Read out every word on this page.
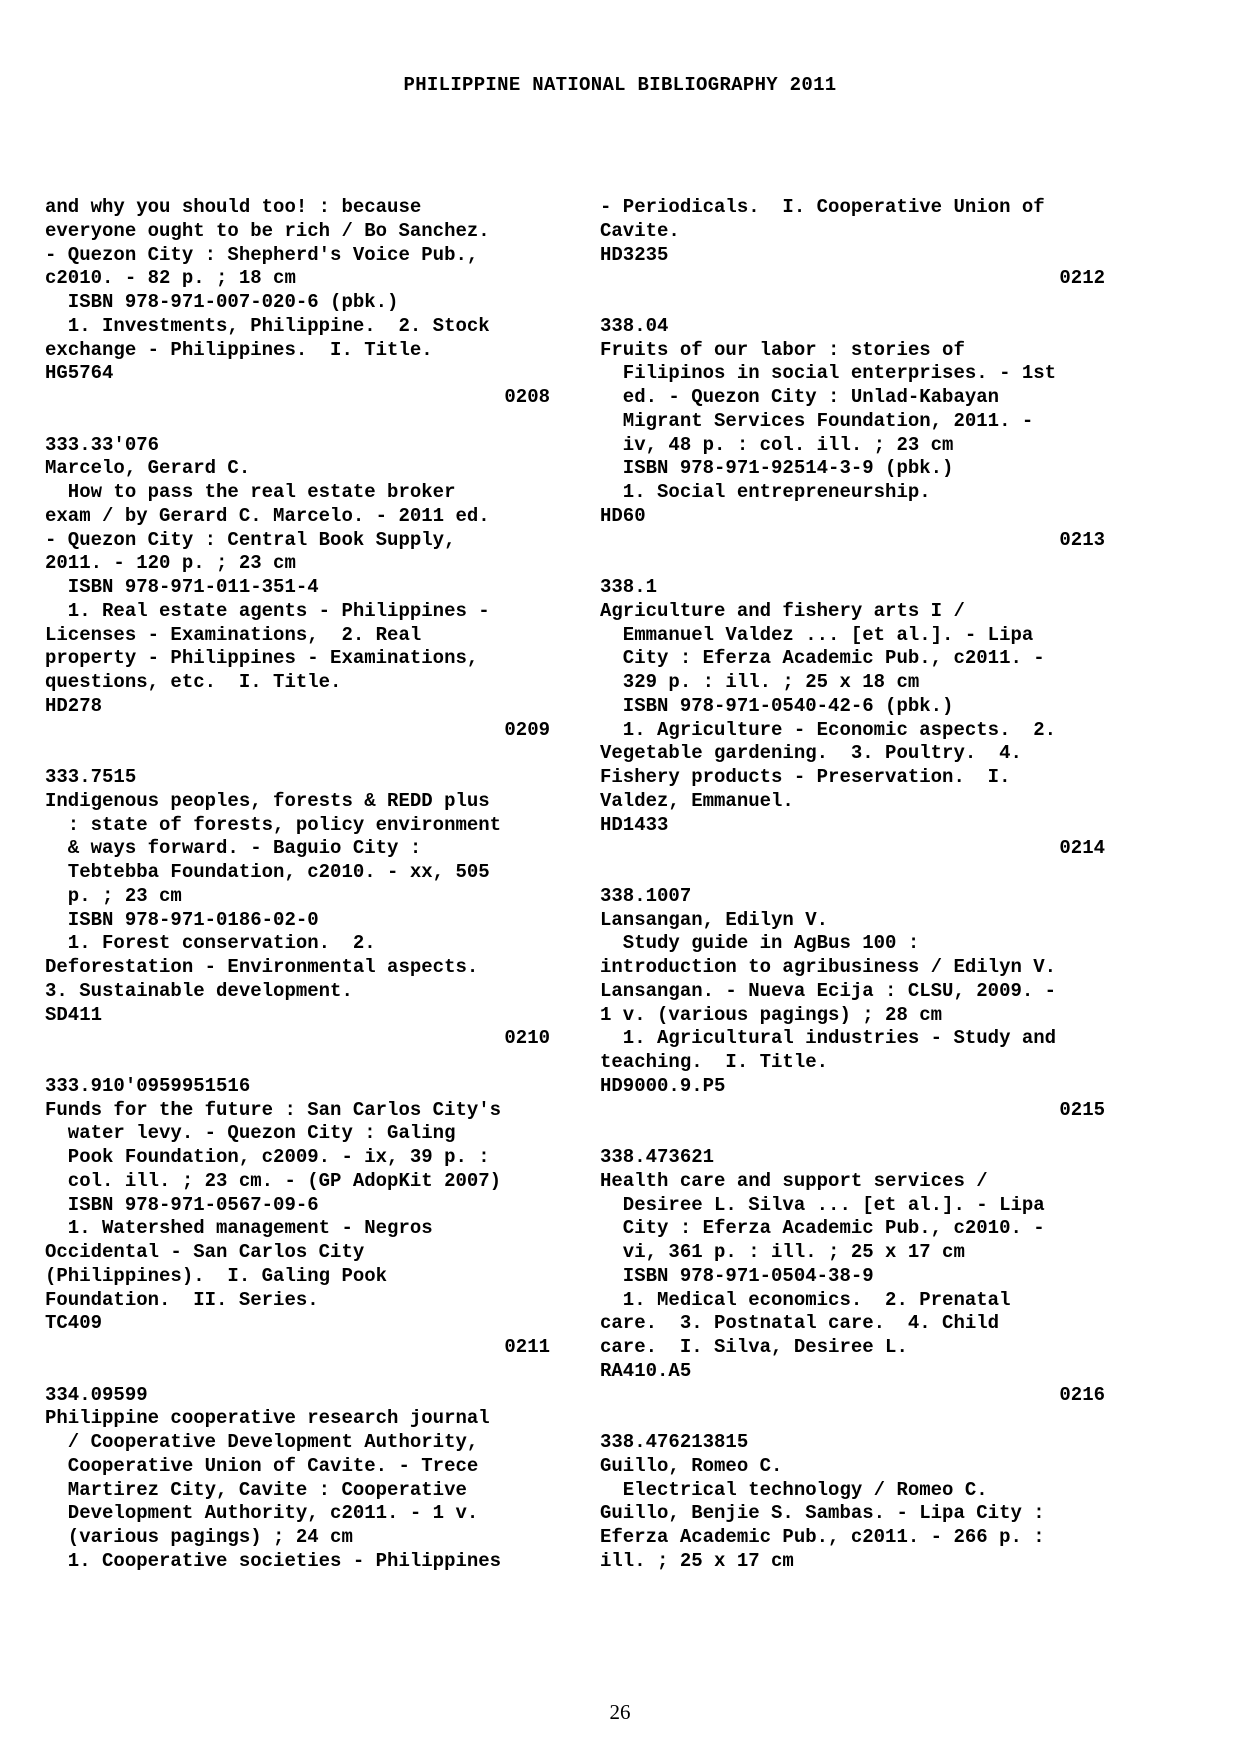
PHILIPPINE NATIONAL BIBLIOGRAPHY 2011
and why you should too! : because
everyone ought to be rich / Bo Sanchez.
- Quezon City : Shepherd's Voice Pub.,
c2010. - 82 p. ; 18 cm
ISBN 978-971-007-020-6 (pbk.)
1. Investments, Philippine.  2. Stock
exchange - Philippines.  I. Title.
HG5764
0208
333.33'076
Marcelo, Gerard C.
How to pass the real estate broker
exam / by Gerard C. Marcelo. - 2011 ed.
- Quezon City : Central Book Supply,
2011. - 120 p. ; 23 cm
ISBN 978-971-011-351-4
1. Real estate agents - Philippines -
Licenses - Examinations,  2. Real
property - Philippines - Examinations,
questions, etc.  I. Title.
HD278
0209
333.7515
Indigenous peoples, forests & REDD plus
: state of forests, policy environment
& ways forward. - Baguio City :
Tebtebba Foundation, c2010. - xx, 505
p. ; 23 cm
ISBN 978-971-0186-02-0
1. Forest conservation.  2.
Deforestation - Environmental aspects.
3. Sustainable development.
SD411
0210
333.910'0959951516
Funds for the future : San Carlos City's
water levy. - Quezon City : Galing
Pook Foundation, c2009. - ix, 39 p. :
col. ill. ; 23 cm. - (GP AdopKit 2007)
ISBN 978-971-0567-09-6
1. Watershed management - Negros
Occidental - San Carlos City
(Philippines).  I. Galing Pook
Foundation.  II. Series.
TC409
0211
334.09599
Philippine cooperative research journal
/ Cooperative Development Authority,
Cooperative Union of Cavite. - Trece
Martirez City, Cavite : Cooperative
Development Authority, c2011. - 1 v.
(various pagings) ; 24 cm
1. Cooperative societies - Philippines
- Periodicals.  I. Cooperative Union of
Cavite.
HD3235
0212
338.04
Fruits of our labor : stories of
Filipinos in social enterprises. - 1st
ed. - Quezon City : Unlad-Kabayan
Migrant Services Foundation, 2011. -
iv, 48 p. : col. ill. ; 23 cm
ISBN 978-971-92514-3-9 (pbk.)
1. Social entrepreneurship.
HD60
0213
338.1
Agriculture and fishery arts I /
Emmanuel Valdez ... [et al.]. - Lipa
City : Eferza Academic Pub., c2011. -
329 p. : ill. ; 25 x 18 cm
ISBN 978-971-0540-42-6 (pbk.)
1. Agriculture - Economic aspects.  2.
Vegetable gardening.  3. Poultry.  4.
Fishery products - Preservation.  I.
Valdez, Emmanuel.
HD1433
0214
338.1007
Lansangan, Edilyn V.
Study guide in AgBus 100 :
introduction to agribusiness / Edilyn V.
Lansangan. - Nueva Ecija : CLSU, 2009. -
1 v. (various pagings) ; 28 cm
1. Agricultural industries - Study and
teaching.  I. Title.
HD9000.9.P5
0215
338.473621
Health care and support services /
Desiree L. Silva ... [et al.]. - Lipa
City : Eferza Academic Pub., c2010. -
vi, 361 p. : ill. ; 25 x 17 cm
ISBN 978-971-0504-38-9
1. Medical economics.  2. Prenatal
care.  3. Postnatal care.  4. Child
care.  I. Silva, Desiree L.
RA410.A5
0216
338.476213815
Guillo, Romeo C.
Electrical technology / Romeo C.
Guillo, Benjie S. Sambas. - Lipa City :
Eferza Academic Pub., c2011. - 266 p. :
ill. ; 25 x 17 cm
26
